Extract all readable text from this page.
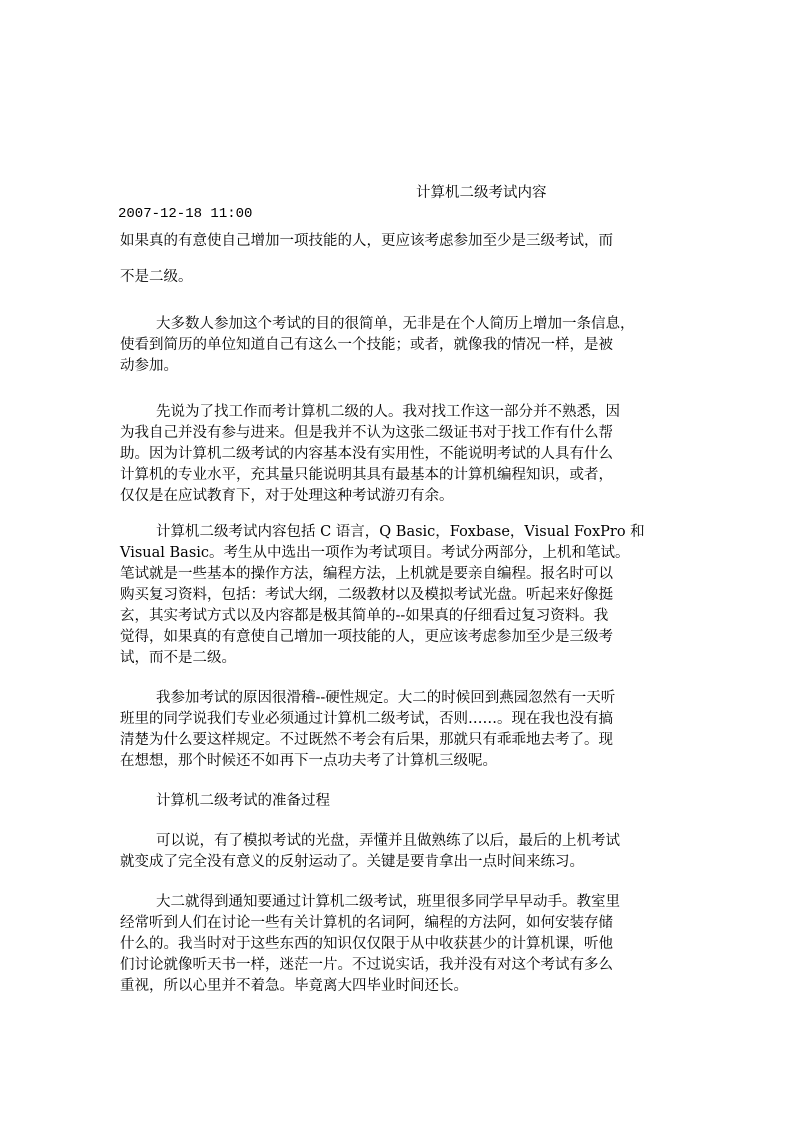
计算机二级考试内容
2007-12-18 11:00
如果真的有意使自己增加一项技能的人，更应该考虑参加至少是三级考试，而
不是二级。
大多数人参加这个考试的目的很简单，无非是在个人简历上增加一条信息，
使看到简历的单位知道自己有这么一个技能；或者，就像我的情况一样，是被
动参加。
先说为了找工作而考计算机二级的人。我对找工作这一部分并不熟悉，因
为我自己并没有参与进来。但是我并不认为这张二级证书对于找工作有什么帮
助。因为计算机二级考试的内容基本没有实用性，不能说明考试的人具有什么
计算机的专业水平，充其量只能说明其具有最基本的计算机编程知识，或者，
仅仅是在应试教育下，对于处理这种考试游刃有余。
计算机二级考试内容包括 C 语言，Q Basic，Foxbase，Visual FoxPro 和
Visual Basic。考生从中选出一项作为考试项目。考试分两部分，上机和笔试。
笔试就是一些基本的操作方法，编程方法，上机就是要亲自编程。报名时可以
购买复习资料，包括：考试大纲，二级教材以及模拟考试光盘。听起来好像挺
玄，其实考试方式以及内容都是极其简单的--如果真的仔细看过复习资料。我
觉得，如果真的有意使自己增加一项技能的人，更应该考虑参加至少是三级考
试，而不是二级。
我参加考试的原因很滑稽--硬性规定。大二的时候回到燕园忽然有一天听
班里的同学说我们专业必须通过计算机二级考试，否则……。现在我也没有搞
清楚为什么要这样规定。不过既然不考会有后果，那就只有乖乖地去考了。现
在想想，那个时候还不如再下一点功夫考了计算机三级呢。
计算机二级考试的准备过程
可以说，有了模拟考试的光盘，弄懂并且做熟练了以后，最后的上机考试
就变成了完全没有意义的反射运动了。关键是要肯拿出一点时间来练习。
大二就得到通知要通过计算机二级考试，班里很多同学早早动手。教室里
经常听到人们在讨论一些有关计算机的名词阿，编程的方法阿，如何安装存储
什么的。我当时对于这些东西的知识仅仅限于从中收获甚少的计算机课，听他
们讨论就像听天书一样，迷茫一片。不过说实话，我并没有对这个考试有多么
重视，所以心里并不着急。毕竟离大四毕业时间还长。
